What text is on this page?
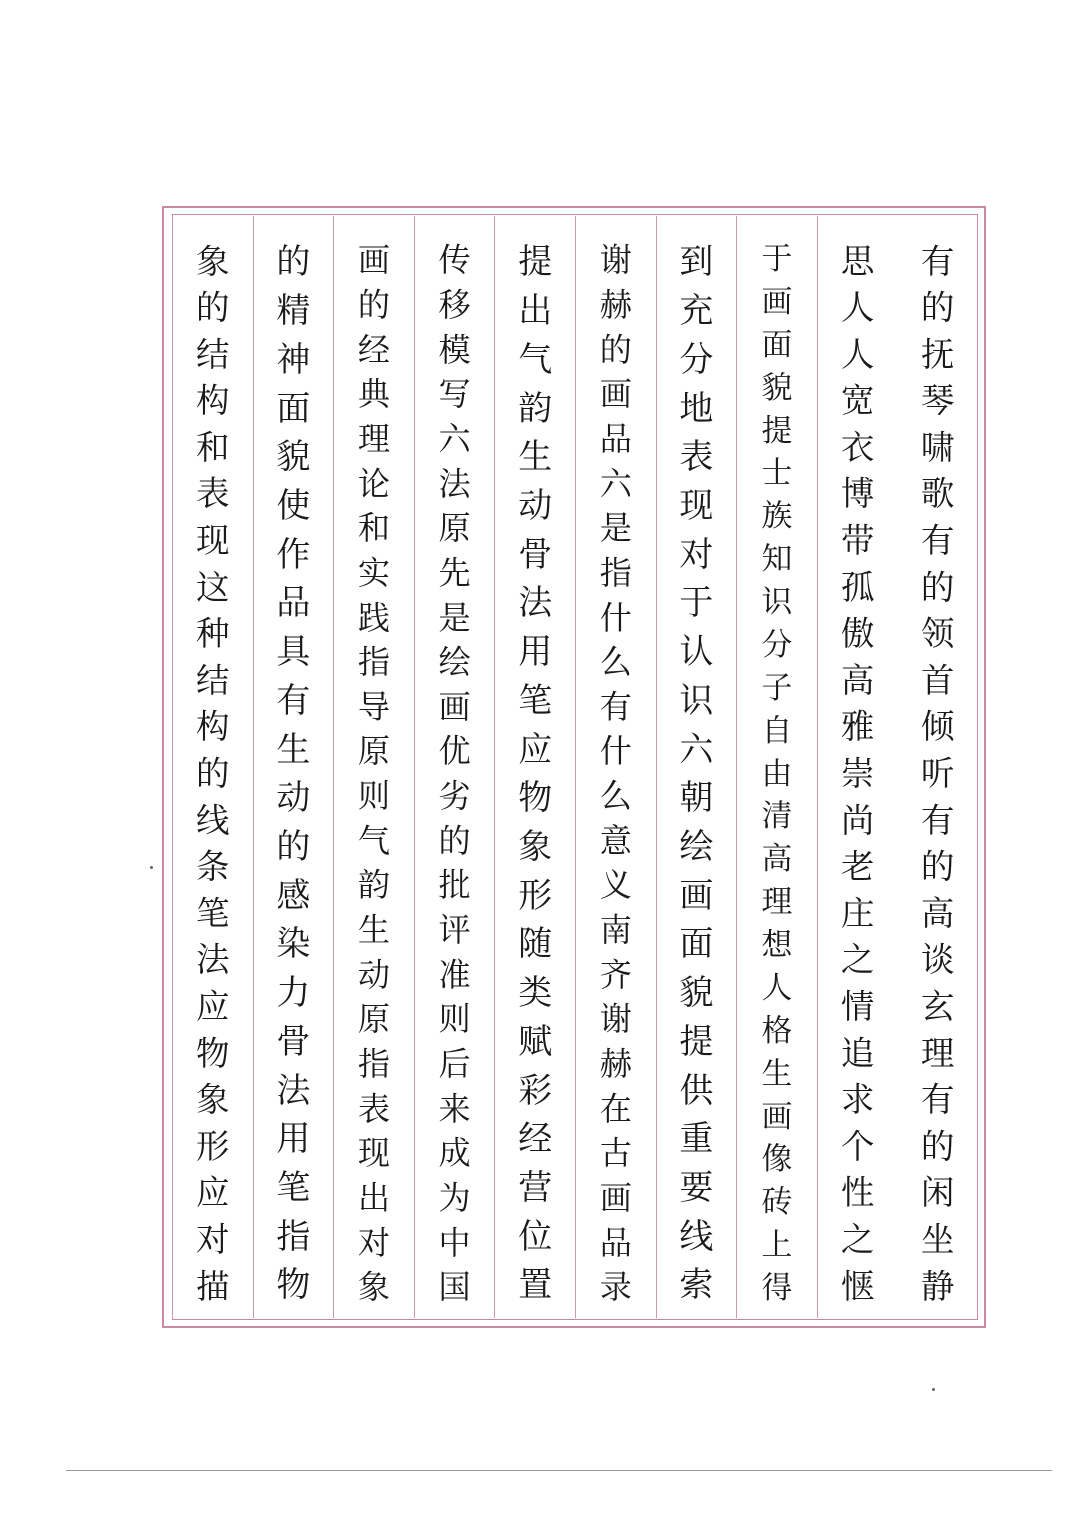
有
的
抚
琴
啸
歌
有
的
领
首
倾
听
有
的
高
谈
玄
理
有
的
闲
坐
静
思
人
人
宽
衣
博
带
孤
傲
高
雅
崇
尚
老
庄
之
情
追
求
个
性
之
惬
于
画
面
貌
提
士
族
知
识
分
子
自
由
清
高
理
想
人
格
生
画
像
砖
上
得
到
充
分
地
表
现
对
于
认
识
六
朝
绘
画
面
貌
提
供
重
要
线
索
谢
赫
的
画
品
六
是
指
什
么
有
什
么
意
义
南
齐
谢
赫
在
古
画
品
录
提
出
气
韵
生
动
骨
法
用
笔
应
物
象
形
随
类
赋
彩
经
营
位
置
传
移
模
写
六
法
原
先
是
绘
画
优
劣
的
批
评
准
则
后
来
成
为
中
国
画
的
经
典
理
论
和
实
践
指
导
原
则
气
韵
生
动
原
指
表
现
出
对
象
的
精
神
面
貌
使
作
品
具
有
生
动
的
感
染
力
骨
法
用
笔
指
物
象
的
结
构
和
表
现
这
种
结
构
的
线
条
笔
法
应
物
象
形
应
对
描
